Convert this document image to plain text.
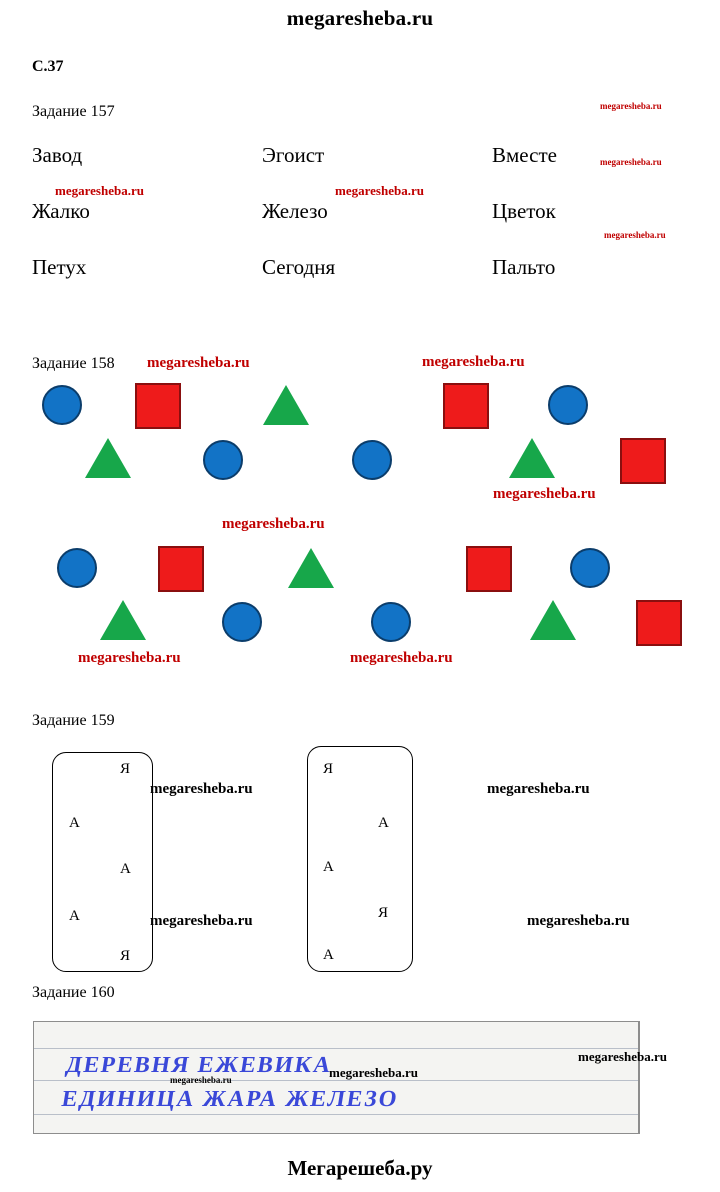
megaresheba.ru
C.37
Задание 157
Завод	Эгоист	Вместе
Жалко	Железо	Цветок
Петух	Сегодня	Пальто
Задание 158
Задание 159
Я
А
А
А
Я
Я
А
А
Я
А
Задание 160
ДЕРЕВНЯ ЕЖЕВИКА
ЕДИНИЦА ЖАРА ЖЕЛЕЗО
megaresheba.ru
megaresheba.ru
megaresheba.ru
megaresheba.ru	megaresheba.ru
megaresheba.ru	megaresheba.ru
megaresheba.ru
megaresheba.ru
megaresheba.ru	megaresheba.ru
megaresheba.ru	megaresheba.ru
megaresheba.ru	megaresheba.ru
megaresheba.ru
megaresheba.ru
megaresheba.ru
Мегарешеба.ру
